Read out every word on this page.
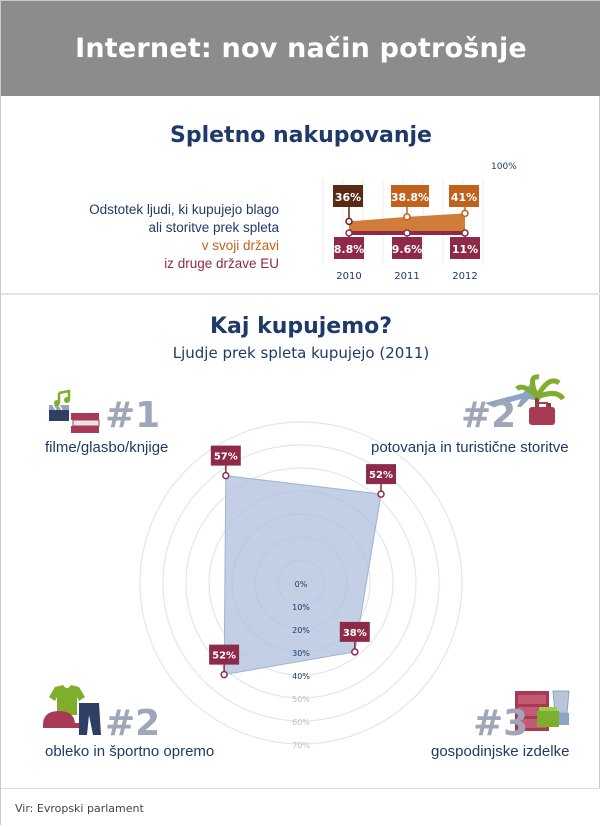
Internet: nov način potrošnje
Spletno nakupovanje
Odstotek ljudi, ki kupujejo blago
ali storitve prek spleta
v svoji državi
iz druge države EU
100%
36%
8.8%
2010
38.8%
9.6%
2011
41%
11%
2012
Kaj kupujemo?
Ljudje prek spleta kupujejo (2011)
0%
10%
20%
30%
40%
50%
60%
70%
57%
52%
38%
52%
#1
filme/glasbo/knjige
#2
potovanja in turistične storitve
#2
obleko in športno opremo
#3
gospodinjske izdelke
Vir: Evropski parlament
